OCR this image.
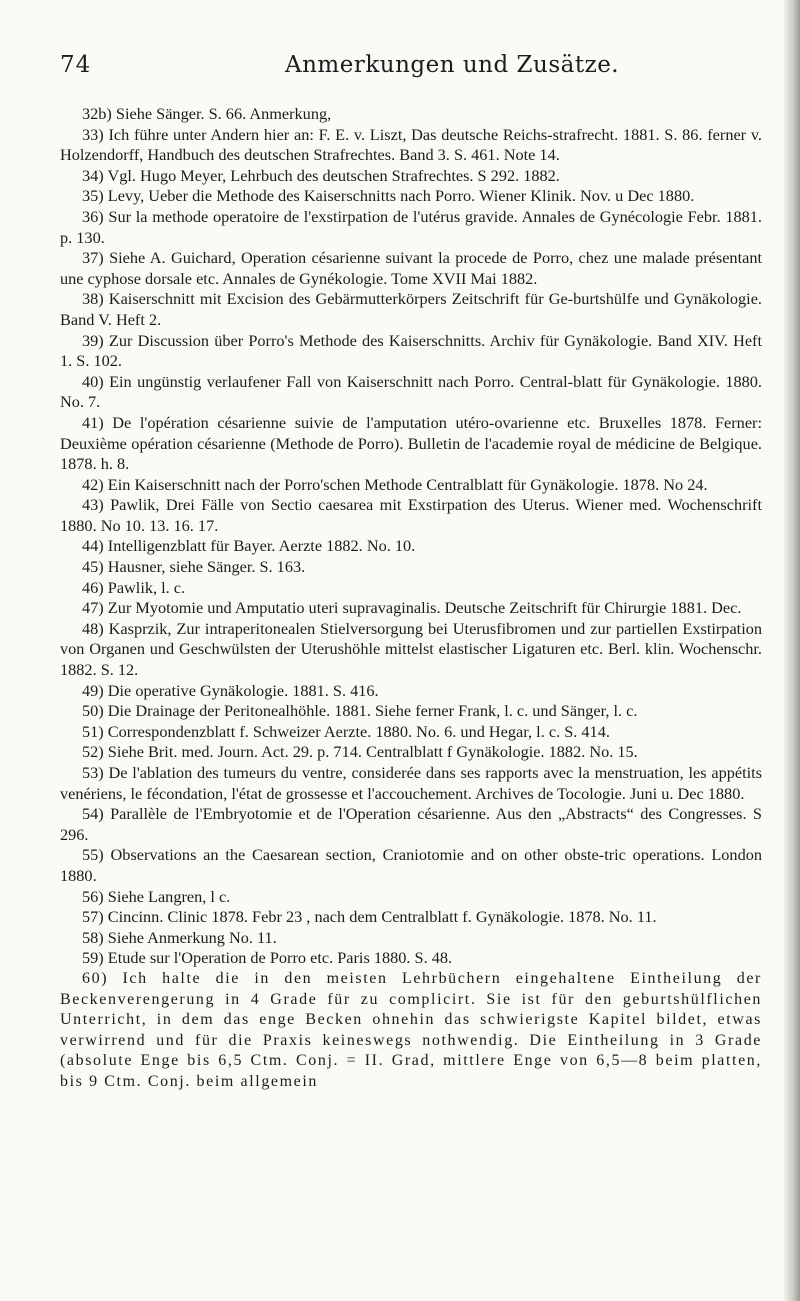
74	Anmerkungen und Zusätze.

32b) Siehe Sänger. S. 66. Anmerkung,

33) Ich führe unter Andern hier an: F. E. v. Liszt, Das deutsche Reichs-strafrecht. 1881. S. 86. ferner v. Holzendorff, Handbuch des deutschen Strafrechtes. Band 3. S. 461. Note 14.

34) Vgl. Hugo Meyer, Lehrbuch des deutschen Strafrechtes. S 292. 1882.

35) Levy, Ueber die Methode des Kaiserschnitts nach Porro. Wiener Klinik. Nov. u Dec 1880.

36) Sur la methode operatoire de l'exstirpation de l'utérus gravide. Annales de Gynécologie Febr. 1881. p. 130.

37) Siehe A. Guichard, Operation césarienne suivant la procede de Porro, chez une malade présentant une cyphose dorsale etc. Annales de Gynékologie. Tome XVII Mai 1882.

38) Kaiserschnitt mit Excision des Gebärmutterkörpers Zeitschrift für Ge-burtshülfe und Gynäkologie. Band V. Heft 2.

39) Zur Discussion über Porro's Methode des Kaiserschnitts. Archiv für Gynäkologie. Band XIV. Heft 1. S. 102.

40) Ein ungünstig verlaufener Fall von Kaiserschnitt nach Porro. Central-blatt für Gynäkologie. 1880. No. 7.

41) De l'opération césarienne suivie de l'amputation utéro-ovarienne etc. Bruxelles 1878. Ferner: Deuxième opération césarienne (Methode de Porro). Bulletin de l'academie royal de médicine de Belgique. 1878. h. 8.

42) Ein Kaiserschnitt nach der Porro'schen Methode Centralblatt für Gynäkologie. 1878. No 24.

43) Pawlik, Drei Fälle von Sectio caesarea mit Exstirpation des Uterus. Wiener med. Wochenschrift 1880. No 10. 13. 16. 17.

44) Intelligenzblatt für Bayer. Aerzte 1882. No. 10.

45) Hausner, siehe Sänger. S. 163.

46) Pawlik, l. c.

47) Zur Myotomie und Amputatio uteri supravaginalis. Deutsche Zeitschrift für Chirurgie 1881. Dec.

48) Kasprzik, Zur intraperitonealen Stielversorgung bei Uterusfibromen und zur partiellen Exstirpation von Organen und Geschwülsten der Uterushöhle mittelst elastischer Ligaturen etc. Berl. klin. Wochenschr. 1882. S. 12.

49) Die operative Gynäkologie. 1881. S. 416.

50) Die Drainage der Peritonealhöhle. 1881. Siehe ferner Frank, l. c. und Sänger, l. c.

51) Correspondenzblatt f. Schweizer Aerzte. 1880. No. 6. und Hegar, l. c. S. 414.

52) Siehe Brit. med. Journ. Act. 29. p. 714. Centralblatt f Gynäkologie. 1882. No. 15.

53) De l'ablation des tumeurs du ventre, considerée dans ses rapports avec la menstruation, les appétits venériens, le fécondation, l'état de grossesse et l'accouchement. Archives de Tocologie. Juni u. Dec 1880.

54) Parallèle de l'Embryotomie et de l'Operation césarienne. Aus den „Abstracts“ des Congresses. S 296.

55) Observations an the Caesarean section, Craniotomie and on other obste-tric operations. London 1880.

56) Siehe Langren, l c.

57) Cincinn. Clinic 1878. Febr 23 , nach dem Centralblatt f. Gynäkologie. 1878. No. 11.

58) Siehe Anmerkung No. 11.

59) Etude sur l'Operation de Porro etc. Paris 1880. S. 48.

60) Ich halte die in den meisten Lehrbüchern eingehaltene Eintheilung der Beckenverengerung in 4 Grade für zu complicirt. Sie ist für den geburtshülflichen Unterricht, in dem das enge Becken ohnehin das schwierigste Kapitel bildet, etwas verwirrend und für die Praxis keineswegs nothwendig. Die Eintheilung in 3 Grade (absolute Enge bis 6,5 Ctm. Conj. = II. Grad, mittlere Enge von 6,5—8 beim platten, bis 9 Ctm. Conj. beim allgemein
